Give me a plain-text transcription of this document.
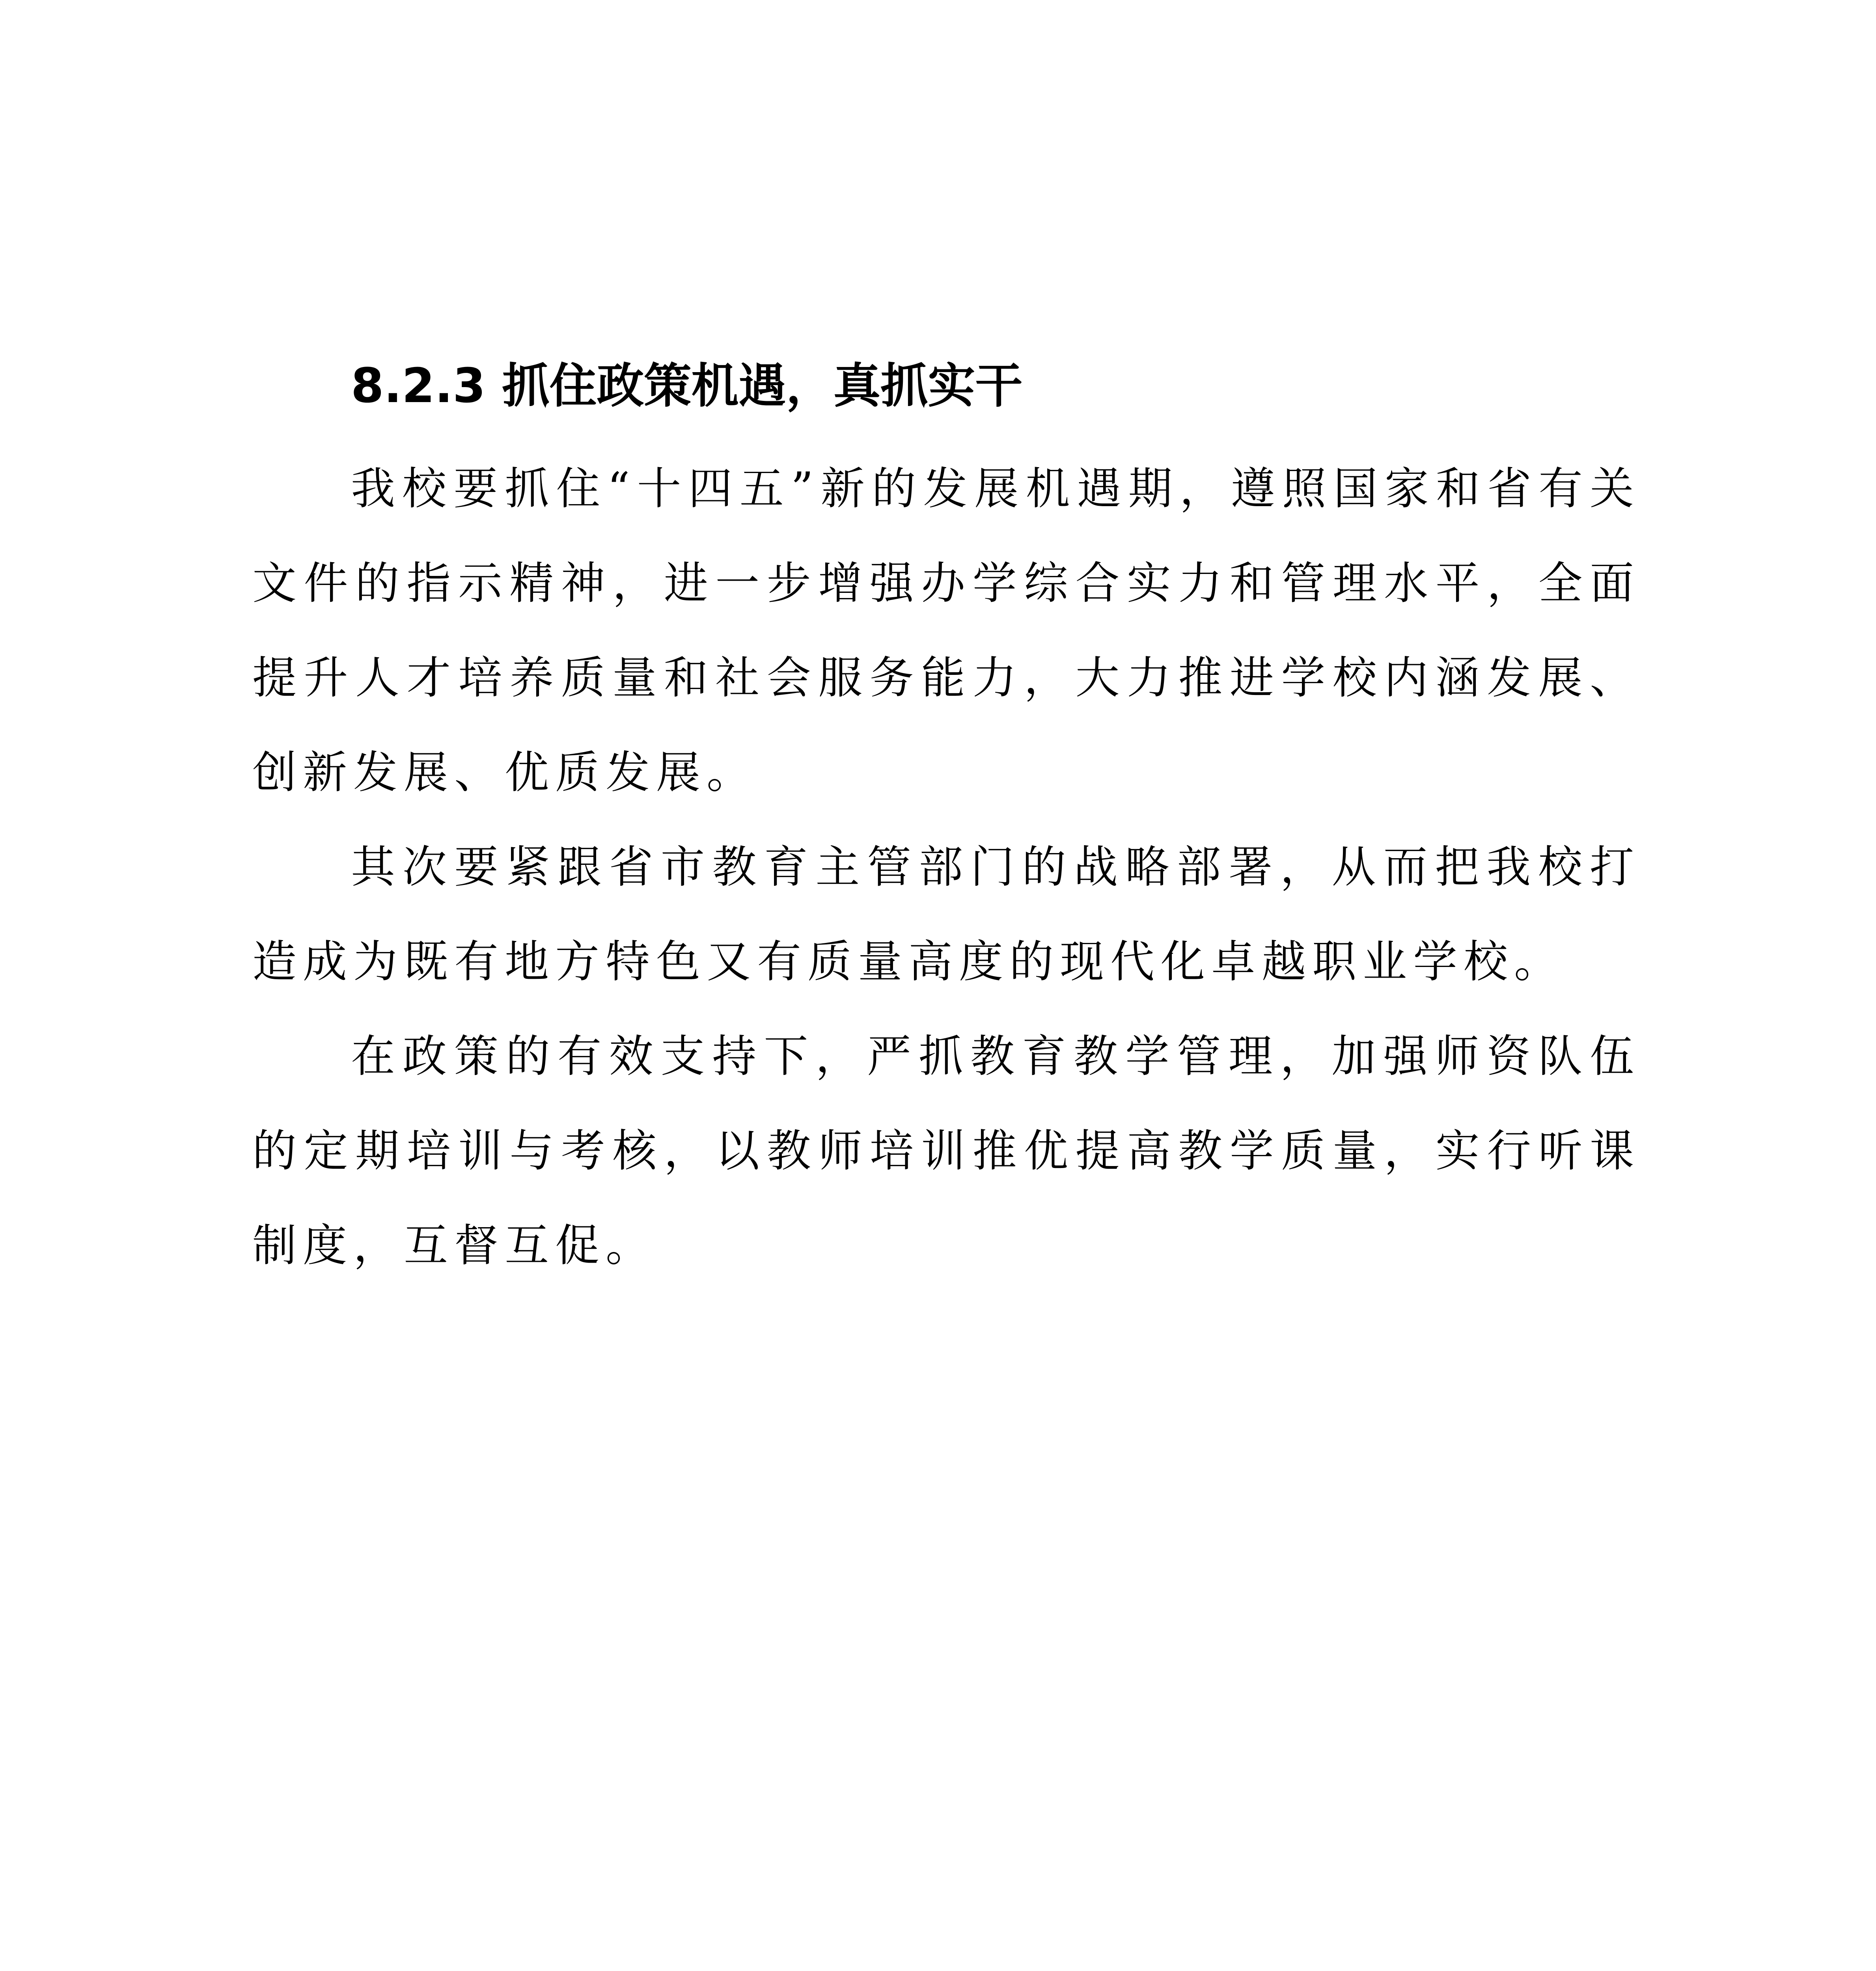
8.2.3 抓住政策机遇，真抓实干

我校要抓住“十四五”新的发展机遇期，遵照国家和省有关文件的指示精神，进一步增强办学综合实力和管理水平，全面提升人才培养质量和社会服务能力，大力推进学校内涵发展、创新发展、优质发展。

其次要紧跟省市教育主管部门的战略部署，从而把我校打造成为既有地方特色又有质量高度的现代化卓越职业学校。

在政策的有效支持下，严抓教育教学管理，加强师资队伍的定期培训与考核，以教师培训推优提高教学质量，实行听课制度，互督互促。
